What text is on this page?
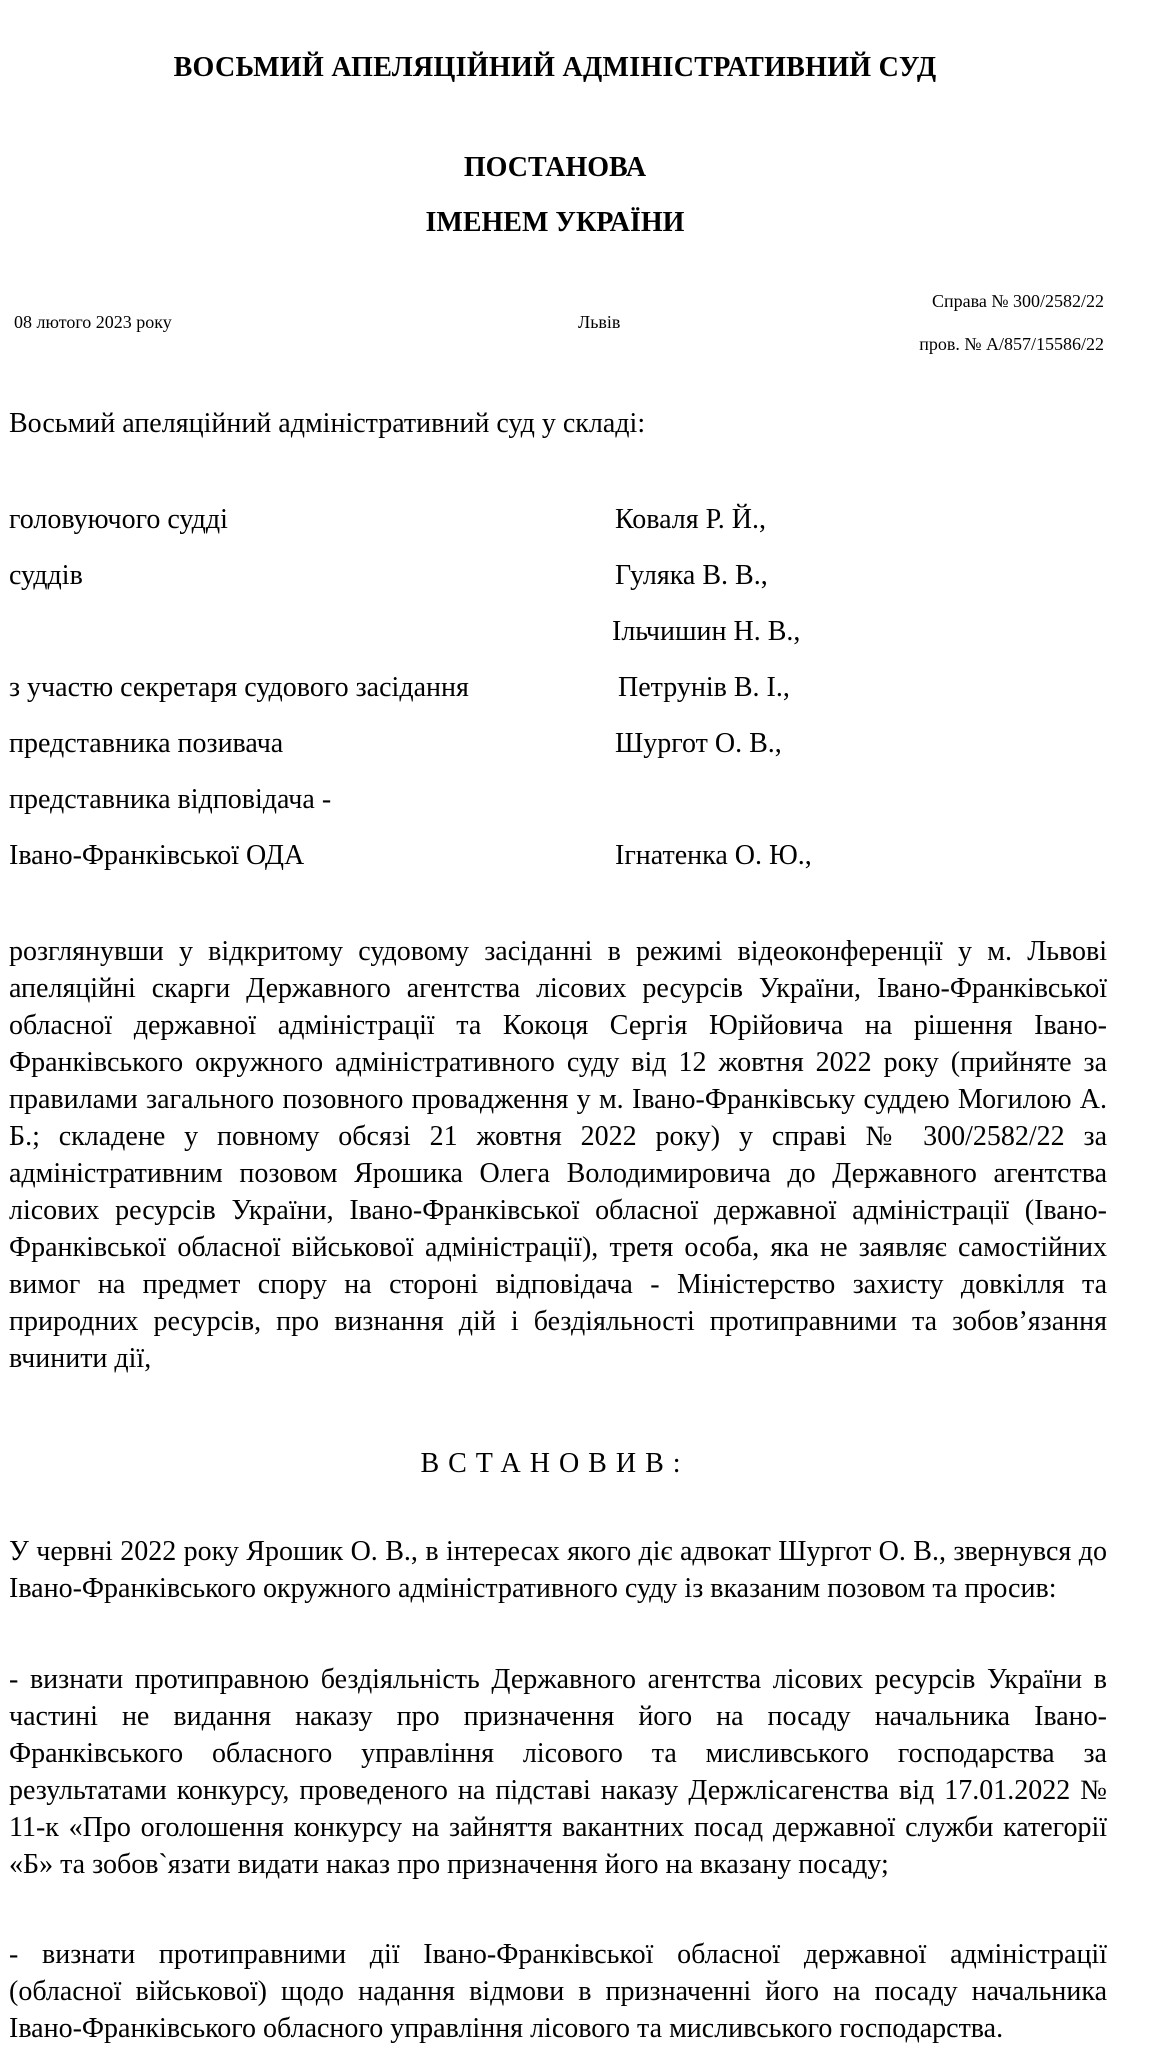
ВОСЬМИЙ АПЕЛЯЦІЙНИЙ АДМІНІСТРАТИВНИЙ СУД
ПОСТАНОВА
ІМЕНЕМ УКРАЇНИ
08 лютого 2023 року	Львів
Справа № 300/2582/22
пров. № А/857/15586/22
Восьмий апеляційний адміністративний суд у складі:
головуючого судді	Коваля Р. Й.,
суддів	Гуляка В. В.,
Ільчишин Н. В.,
з участю секретаря судового засідання	Петрунів В. І.,
представника позивача	Шургот О. В.,
представника відповідача -
Івано-Франківської ОДА	Ігнатенка О. Ю.,

розглянувши у відкритому судовому засіданні в режимі відеоконференції у м. Львові апеляційні скарги Державного агентства лісових ресурсів України, Івано-Франківської обласної державної адміністрації та Кокоця Сергія Юрійовича на рішення Івано-Франківського окружного адміністративного суду від 12 жовтня 2022 року (прийняте за правилами загального позовного провадження у м. Івано-Франківську суддею Могилою А. Б.; складене у повному обсязі 21 жовтня 2022 року) у справі № 300/2582/22 за адміністративним позовом Ярошика Олега Володимировича до Державного агентства лісових ресурсів України, Івано-Франківської обласної державної адміністрації (Івано-Франківської обласної військової адміністрації), третя особа, яка не заявляє самостійних вимог на предмет спору на стороні відповідача - Міністерство захисту довкілля та природних ресурсів, про визнання дій і бездіяльності протиправними та зобов’язання вчинити дії,

ВСТАНОВИВ:

У червні 2022 року Ярошик О. В., в інтересах якого діє адвокат Шургот О. В., звернувся до Івано-Франківського окружного адміністративного суду із вказаним позовом та просив:

- визнати протиправною бездіяльність Державного агентства лісових ресурсів України в частині не видання наказу про призначення його на посаду начальника Івано-Франківського обласного управління лісового та мисливського господарства за результатами конкурсу, проведеного на підставі наказу Держлісагенства від 17.01.2022 № 11-к «Про оголошення конкурсу на зайняття вакантних посад державної служби категорії «Б» та зобов`язати видати наказ про призначення його на вказану посаду;

- визнати протиправними дії Івано-Франківської обласної державної адміністрації (обласної військової) щодо надання відмови в призначенні його на посаду начальника Івано-Франківського обласного управління лісового та мисливського господарства.
